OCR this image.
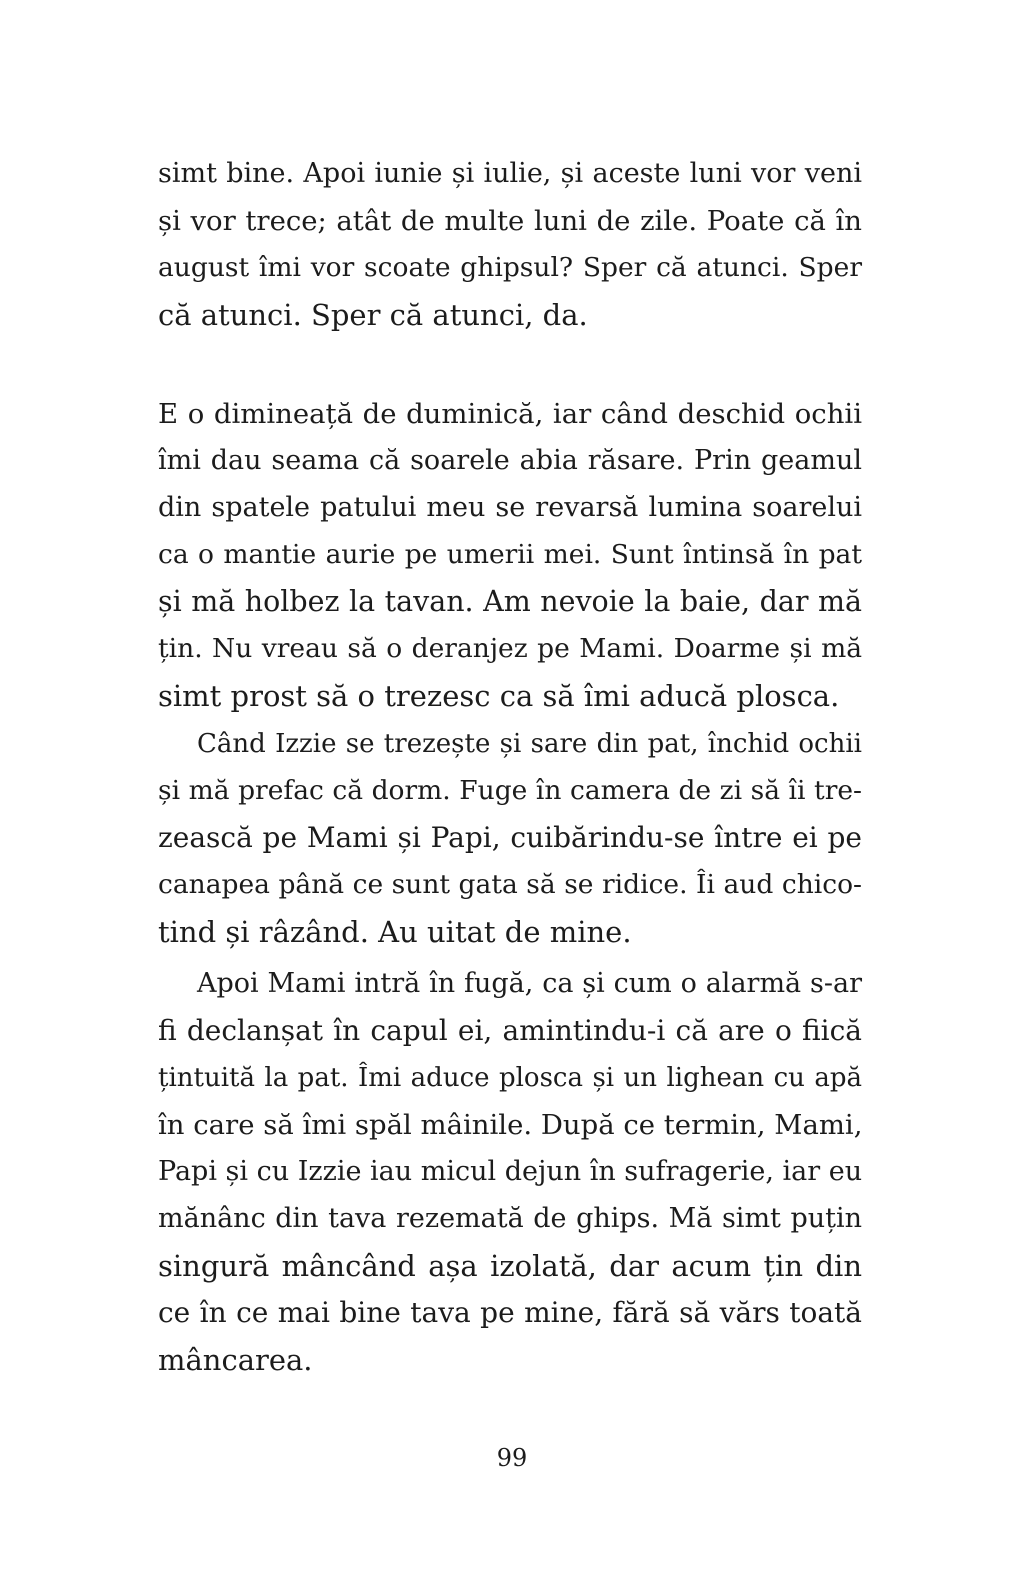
simt bine. Apoi iunie și iulie, și aceste luni vor veni
și vor trece; atât de multe luni de zile. Poate că în
august îmi vor scoate ghipsul? Sper că atunci. Sper
că atunci. Sper că atunci, da.
E o dimineață de duminică, iar când deschid ochii
îmi dau seama că soarele abia răsare. Prin geamul
din spatele patului meu se revarsă lumina soarelui
ca o mantie aurie pe umerii mei. Sunt întinsă în pat
și mă holbez la tavan. Am nevoie la baie, dar mă
țin. Nu vreau să o deranjez pe Mami. Doarme și mă
simt prost să o trezesc ca să îmi aducă plosca.
Când Izzie se trezește și sare din pat, închid ochii
și mă prefac că dorm. Fuge în camera de zi să îi tre-
zească pe Mami și Papi, cuibărindu-se între ei pe
canapea până ce sunt gata să se ridice. Îi aud chico-
tind și râzând. Au uitat de mine.
Apoi Mami intră în fugă, ca și cum o alarmă s-ar
fi declanșat în capul ei, amintindu-i că are o fiică
țintuită la pat. Îmi aduce plosca și un lighean cu apă
în care să îmi spăl mâinile. După ce termin, Mami,
Papi și cu Izzie iau micul dejun în sufragerie, iar eu
mănânc din tava rezemată de ghips. Mă simt puțin
singură mâncând așa izolată, dar acum țin din
ce în ce mai bine tava pe mine, fără să vărs toată
mâncarea.
99
